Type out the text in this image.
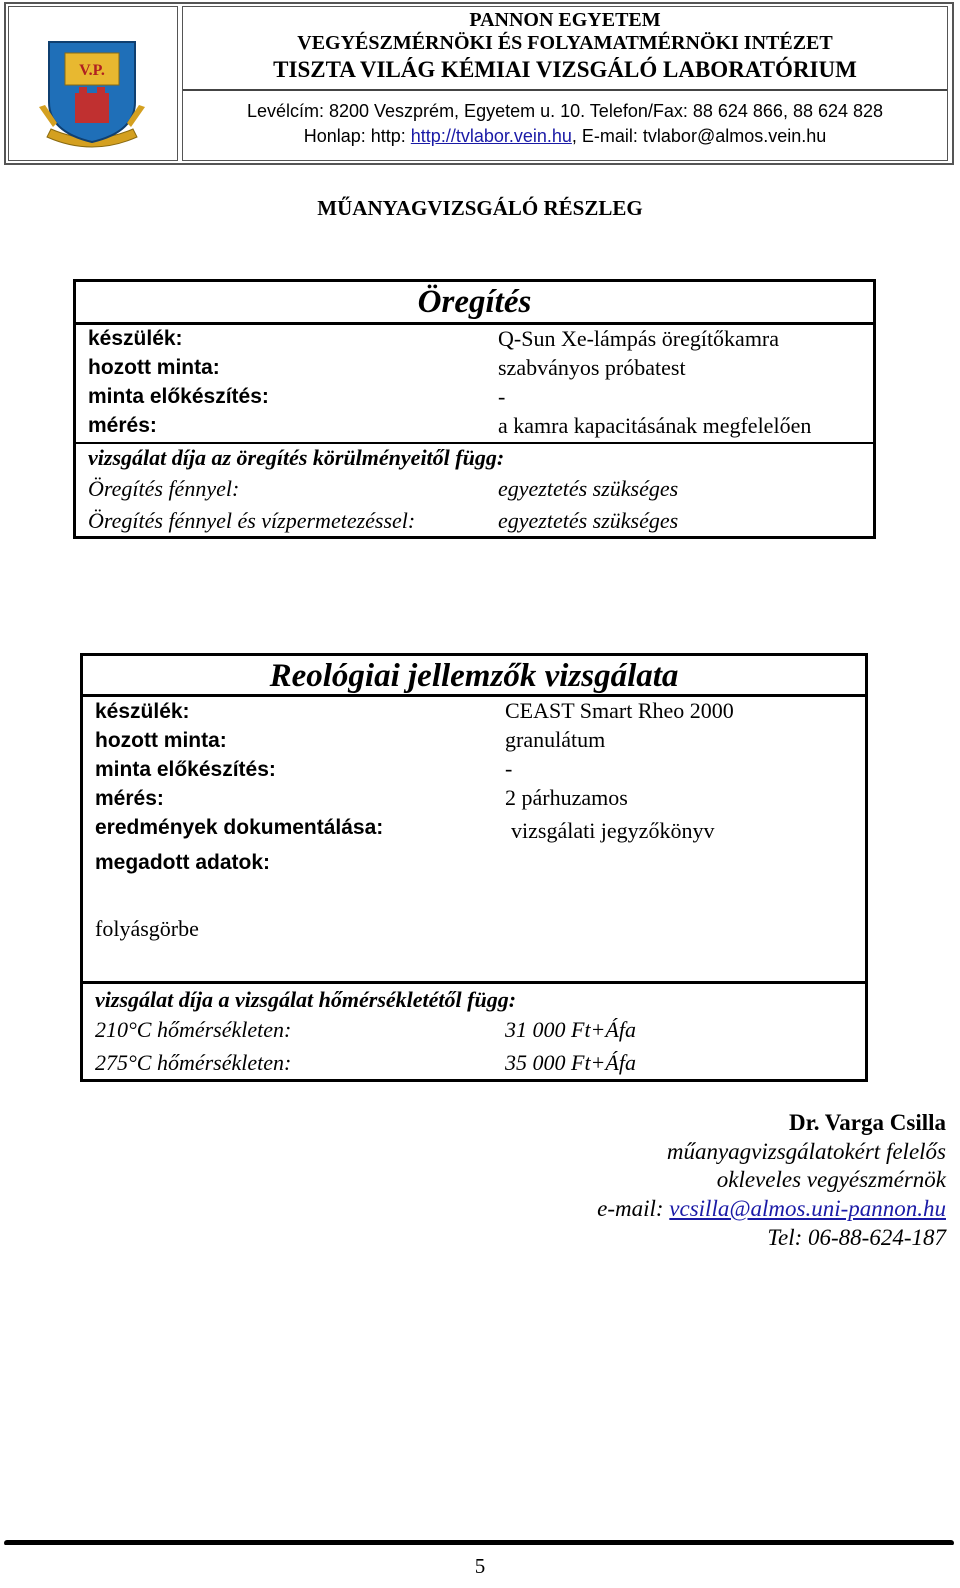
V.P.
PANNON EGYETEM
VEGYÉSZMÉRNÖKI ÉS FOLYAMATMÉRNÖKI INTÉZET
TISZTA VILÁG KÉMIAI VIZSGÁLÓ LABORATÓRIUM
Levélcím: 8200 Veszprém, Egyetem u. 10. Telefon/Fax: 88 624 866, 88 624 828
Honlap: http: http://tvlabor.vein.hu, E-mail: tvlabor@almos.vein.hu
MŰANYAGVIZSGÁLÓ RÉSZLEG
Öregítés
készülék:	Q-Sun Xe-lámpás öregítőkamra
hozott minta:	szabványos próbatest
minta előkészítés:	-
mérés:	a kamra kapacitásának megfelelően
vizsgálat díja az öregítés körülményeitől függ:
Öregítés fénnyel:	egyeztetés szükséges
Öregítés fénnyel és vízpermetezéssel:	egyeztetés szükséges
Reológiai jellemzők vizsgálata
készülék:	CEAST Smart Rheo 2000
hozott minta:	granulátum
minta előkészítés:	-
mérés:	2 párhuzamos
eredmények dokumentálása:	vizsgálati jegyzőkönyv
megadott adatok:
folyásgörbe
vizsgálat díja a vizsgálat hőmérsékletétől függ:
210°C hőmérsékleten:	31 000 Ft+Áfa
275°C hőmérsékleten:	35 000 Ft+Áfa
Dr. Varga Csilla
műanyagvizsgálatokért felelős
okleveles vegyészmérnök
e-mail: vcsilla@almos.uni-pannon.hu
Tel: 06-88-624-187
5
